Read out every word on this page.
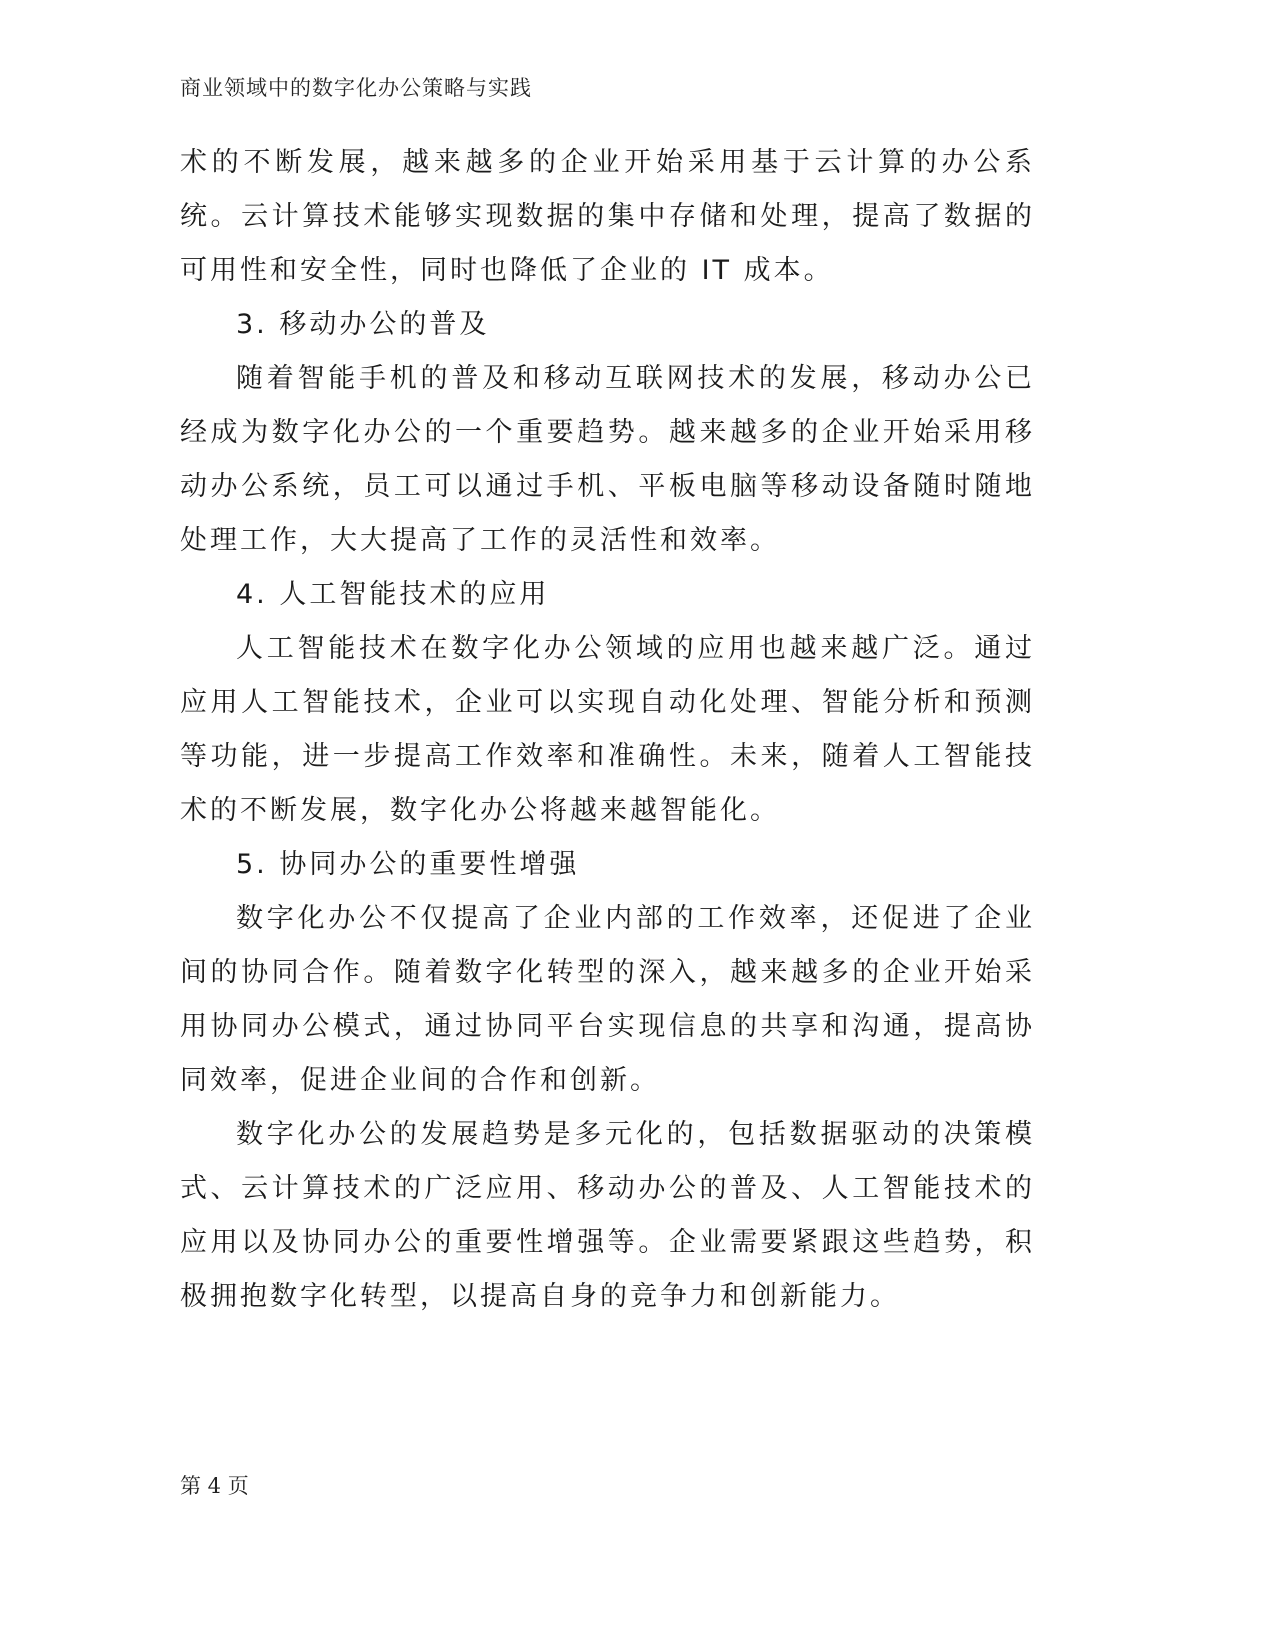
商业领域中的数字化办公策略与实践

术的不断发展，越来越多的企业开始采用基于云计算的办公系统。云计算技术能够实现数据的集中存储和处理，提高了数据的可用性和安全性，同时也降低了企业的 IT 成本。

3. 移动办公的普及

随着智能手机的普及和移动互联网技术的发展，移动办公已经成为数字化办公的一个重要趋势。越来越多的企业开始采用移动办公系统，员工可以通过手机、平板电脑等移动设备随时随地处理工作，大大提高了工作的灵活性和效率。

4. 人工智能技术的应用

人工智能技术在数字化办公领域的应用也越来越广泛。通过应用人工智能技术，企业可以实现自动化处理、智能分析和预测等功能，进一步提高工作效率和准确性。未来，随着人工智能技术的不断发展，数字化办公将越来越智能化。

5. 协同办公的重要性增强

数字化办公不仅提高了企业内部的工作效率，还促进了企业间的协同合作。随着数字化转型的深入，越来越多的企业开始采用协同办公模式，通过协同平台实现信息的共享和沟通，提高协同效率，促进企业间的合作和创新。

数字化办公的发展趋势是多元化的，包括数据驱动的决策模式、云计算技术的广泛应用、移动办公的普及、人工智能技术的应用以及协同办公的重要性增强等。企业需要紧跟这些趋势，积极拥抱数字化转型，以提高自身的竞争力和创新能力。

第 4 页
